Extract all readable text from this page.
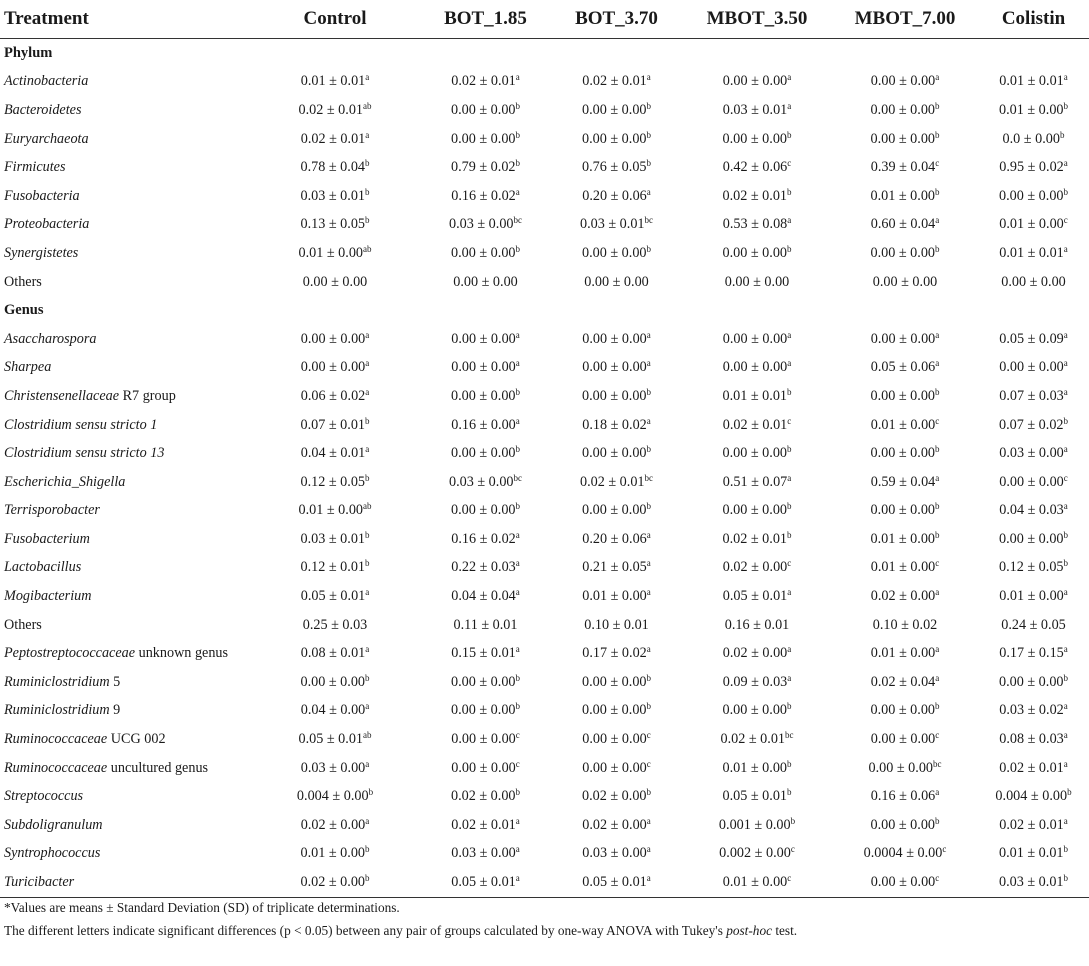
Treatment	Control	BOT_1.85	BOT_3.70	MBOT_3.50	MBOT_7.00	Colistin
Phylum						
Actinobacteria	0.01 ± 0.01$^a$	0.02 ± 0.01$^a$	0.02 ± 0.01$^a$	0.00 ± 0.00$^a$	0.00 ± 0.00$^a$	0.01 ± 0.01$^a$
Bacteroidetes	0.02 ± 0.01$^{ab}$	0.00 ± 0.00$^b$	0.00 ± 0.00$^b$	0.03 ± 0.01$^a$	0.00 ± 0.00$^b$	0.01 ± 0.00$^b$
Euryarchaeota	0.02 ± 0.01$^a$	0.00 ± 0.00$^b$	0.00 ± 0.00$^b$	0.00 ± 0.00$^b$	0.00 ± 0.00$^b$	0.0 ± 0.00$^b$
Firmicutes	0.78 ± 0.04$^b$	0.79 ± 0.02$^b$	0.76 ± 0.05$^b$	0.42 ± 0.06$^c$	0.39 ± 0.04$^c$	0.95 ± 0.02$^a$
Fusobacteria	0.03 ± 0.01$^b$	0.16 ± 0.02$^a$	0.20 ± 0.06$^a$	0.02 ± 0.01$^b$	0.01 ± 0.00$^b$	0.00 ± 0.00$^b$
Proteobacteria	0.13 ± 0.05$^b$	0.03 ± 0.00$^{bc}$	0.03 ± 0.01$^{bc}$	0.53 ± 0.08$^a$	0.60 ± 0.04$^a$	0.01 ± 0.00$^c$
Synergistetes	0.01 ± 0.00$^{ab}$	0.00 ± 0.00$^b$	0.00 ± 0.00$^b$	0.00 ± 0.00$^b$	0.00 ± 0.00$^b$	0.01 ± 0.01$^a$
Others	0.00 ± 0.00	0.00 ± 0.00	0.00 ± 0.00	0.00 ± 0.00	0.00 ± 0.00	0.00 ± 0.00
Genus						
Asaccharospora	0.00 ± 0.00$^a$	0.00 ± 0.00$^a$	0.00 ± 0.00$^a$	0.00 ± 0.00$^a$	0.00 ± 0.00$^a$	0.05 ± 0.09$^a$
Sharpea	0.00 ± 0.00$^a$	0.00 ± 0.00$^a$	0.00 ± 0.00$^a$	0.00 ± 0.00$^a$	0.05 ± 0.06$^a$	0.00 ± 0.00$^a$
Christensenellaceae R7 group	0.06 ± 0.02$^a$	0.00 ± 0.00$^b$	0.00 ± 0.00$^b$	0.01 ± 0.01$^b$	0.00 ± 0.00$^b$	0.07 ± 0.03$^a$
Clostridium sensu stricto 1	0.07 ± 0.01$^b$	0.16 ± 0.00$^a$	0.18 ± 0.02$^a$	0.02 ± 0.01$^c$	0.01 ± 0.00$^c$	0.07 ± 0.02$^b$
Clostridium sensu stricto 13	0.04 ± 0.01$^a$	0.00 ± 0.00$^b$	0.00 ± 0.00$^b$	0.00 ± 0.00$^b$	0.00 ± 0.00$^b$	0.03 ± 0.00$^a$
Escherichia_Shigella	0.12 ± 0.05$^b$	0.03 ± 0.00$^{bc}$	0.02 ± 0.01$^{bc}$	0.51 ± 0.07$^a$	0.59 ± 0.04$^a$	0.00 ± 0.00$^c$
Terrisporobacter	0.01 ± 0.00$^{ab}$	0.00 ± 0.00$^b$	0.00 ± 0.00$^b$	0.00 ± 0.00$^b$	0.00 ± 0.00$^b$	0.04 ± 0.03$^a$
Fusobacterium	0.03 ± 0.01$^b$	0.16 ± 0.02$^a$	0.20 ± 0.06$^a$	0.02 ± 0.01$^b$	0.01 ± 0.00$^b$	0.00 ± 0.00$^b$
Lactobacillus	0.12 ± 0.01$^b$	0.22 ± 0.03$^a$	0.21 ± 0.05$^a$	0.02 ± 0.00$^c$	0.01 ± 0.00$^c$	0.12 ± 0.05$^b$
Mogibacterium	0.05 ± 0.01$^a$	0.04 ± 0.04$^a$	0.01 ± 0.00$^a$	0.05 ± 0.01$^a$	0.02 ± 0.00$^a$	0.01 ± 0.00$^a$
Others	0.25 ± 0.03	0.11 ± 0.01	0.10 ± 0.01	0.16 ± 0.01	0.10 ± 0.02	0.24 ± 0.05
Peptostreptococcaceae unknown genus	0.08 ± 0.01$^a$	0.15 ± 0.01$^a$	0.17 ± 0.02$^a$	0.02 ± 0.00$^a$	0.01 ± 0.00$^a$	0.17 ± 0.15$^a$
Ruminiclostridium 5	0.00 ± 0.00$^b$	0.00 ± 0.00$^b$	0.00 ± 0.00$^b$	0.09 ± 0.03$^a$	0.02 ± 0.04$^a$	0.00 ± 0.00$^b$
Ruminiclostridium 9	0.04 ± 0.00$^a$	0.00 ± 0.00$^b$	0.00 ± 0.00$^b$	0.00 ± 0.00$^b$	0.00 ± 0.00$^b$	0.03 ± 0.02$^a$
Ruminococcaceae UCG 002	0.05 ± 0.01$^{ab}$	0.00 ± 0.00$^c$	0.00 ± 0.00$^c$	0.02 ± 0.01$^{bc}$	0.00 ± 0.00$^c$	0.08 ± 0.03$^a$
Ruminococcaceae uncultured genus	0.03 ± 0.00$^a$	0.00 ± 0.00$^c$	0.00 ± 0.00$^c$	0.01 ± 0.00$^b$	0.00 ± 0.00$^{bc}$	0.02 ± 0.01$^a$
Streptococcus	0.004 ± 0.00$^b$	0.02 ± 0.00$^b$	0.02 ± 0.00$^b$	0.05 ± 0.01$^b$	0.16 ± 0.06$^a$	0.004 ± 0.00$^b$
Subdoligranulum	0.02 ± 0.00$^a$	0.02 ± 0.01$^a$	0.02 ± 0.00$^a$	0.001 ± 0.00$^b$	0.00 ± 0.00$^b$	0.02 ± 0.01$^a$
Syntrophococcus	0.01 ± 0.00$^b$	0.03 ± 0.00$^a$	0.03 ± 0.00$^a$	0.002 ± 0.00$^c$	0.0004 ± 0.00$^c$	0.01 ± 0.01$^b$
Turicibacter	0.02 ± 0.00$^b$	0.05 ± 0.01$^a$	0.05 ± 0.01$^a$	0.01 ± 0.00$^c$	0.00 ± 0.00$^c$	0.03 ± 0.01$^b$
*Values are means ± Standard Deviation (SD) of triplicate determinations.
The different letters indicate significant differences (p < 0.05) between any pair of groups calculated by one-way ANOVA with Tukey's post-hoc test.
